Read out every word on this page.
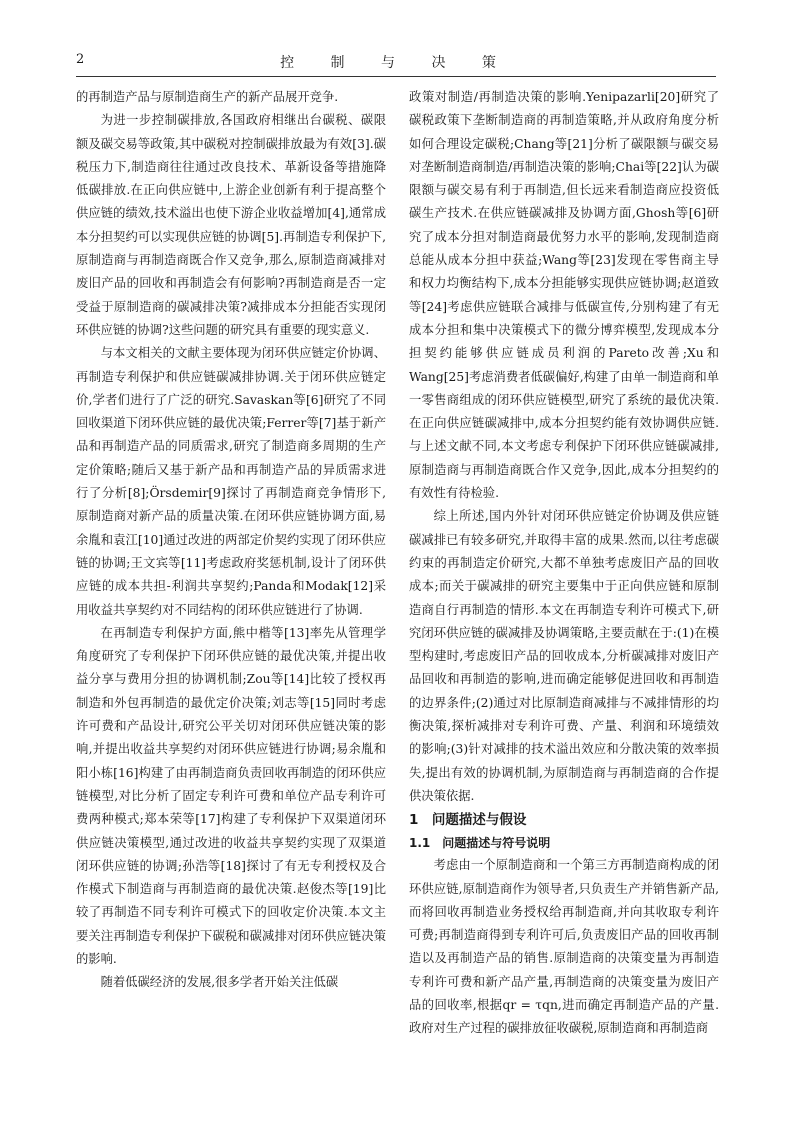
2	控 制 与 决 策

的再制造产品与原制造商生产的新产品展开竞争.

为进一步控制碳排放,各国政府相继出台碳税、碳限额及碳交易等政策,其中碳税对控制碳排放最为有效[3].碳税压力下,制造商往往通过改良技术、革新设备等措施降低碳排放.在正向供应链中,上游企业创新有利于提高整个供应链的绩效,技术溢出也使下游企业收益增加[4],通常成本分担契约可以实现供应链的协调[5].再制造专利保护下,原制造商与再制造商既合作又竞争,那么,原制造商减排对废旧产品的回收和再制造会有何影响?再制造商是否一定受益于原制造商的碳减排决策?减排成本分担能否实现闭环供应链的协调?这些问题的研究具有重要的现实意义.

与本文相关的文献主要体现为闭环供应链定价协调、再制造专利保护和供应链碳减排协调.关于闭环供应链定价,学者们进行了广泛的研究.Savaskan等[6]研究了不同回收渠道下闭环供应链的最优决策;Ferrer等[7]基于新产品和再制造产品的同质需求,研究了制造商多周期的生产定价策略;随后又基于新产品和再制造产品的异质需求进行了分析[8];Örsdemir[9]探讨了再制造商竞争情形下,原制造商对新产品的质量决策.在闭环供应链协调方面,易余胤和袁江[10]通过改进的两部定价契约实现了闭环供应链的协调;王文宾等[11]考虑政府奖惩机制,设计了闭环供应链的成本共担-利润共享契约;Panda和Modak[12]采用收益共享契约对不同结构的闭环供应链进行了协调.

在再制造专利保护方面,熊中楷等[13]率先从管理学角度研究了专利保护下闭环供应链的最优决策,并提出收益分享与费用分担的协调机制;Zou等[14]比较了授权再制造和外包再制造的最优定价决策;刘志等[15]同时考虑许可费和产品设计,研究公平关切对闭环供应链决策的影响,并提出收益共享契约对闭环供应链进行协调;易余胤和阳小栋[16]构建了由再制造商负责回收再制造的闭环供应链模型,对比分析了固定专利许可费和单位产品专利许可费两种模式;郑本荣等[17]构建了专利保护下双渠道闭环供应链决策模型,通过改进的收益共享契约实现了双渠道闭环供应链的协调;孙浩等[18]探讨了有无专利授权及合作模式下制造商与再制造商的最优决策.赵俊杰等[19]比较了再制造不同专利许可模式下的回收定价决策.本文主要关注再制造专利保护下碳税和碳减排对闭环供应链决策的影响.

随着低碳经济的发展,很多学者开始关注低碳

政策对制造/再制造决策的影响.Yenipazarli[20]研究了碳税政策下垄断制造商的再制造策略,并从政府角度分析如何合理设定碳税;Chang等[21]分析了碳限额与碳交易对垄断制造商制造/再制造决策的影响;Chai等[22]认为碳限额与碳交易有利于再制造,但长远来看制造商应投资低碳生产技术.在供应链碳减排及协调方面,Ghosh等[6]研究了成本分担对制造商最优努力水平的影响,发现制造商总能从成本分担中获益;Wang等[23]发现在零售商主导和权力均衡结构下,成本分担能够实现供应链协调;赵道致等[24]考虑供应链联合减排与低碳宣传,分别构建了有无成本分担和集中决策模式下的微分博弈模型,发现成本分担契约能够供应链成员利润的Pareto改善;Xu和Wang[25]考虑消费者低碳偏好,构建了由单一制造商和单一零售商组成的闭环供应链模型,研究了系统的最优决策.在正向供应链碳减排中,成本分担契约能有效协调供应链.与上述文献不同,本文考虑专利保护下闭环供应链碳减排,原制造商与再制造商既合作又竞争,因此,成本分担契约的有效性有待检验.

综上所述,国内外针对闭环供应链定价协调及供应链碳减排已有较多研究,并取得丰富的成果.然而,以往考虑碳约束的再制造定价研究,大都不单独考虑废旧产品的回收成本;而关于碳减排的研究主要集中于正向供应链和原制造商自行再制造的情形.本文在再制造专利许可模式下,研究闭环供应链的碳减排及协调策略,主要贡献在于:(1)在模型构建时,考虑废旧产品的回收成本,分析碳减排对废旧产品回收和再制造的影响,进而确定能够促进回收和再制造的边界条件;(2)通过对比原制造商减排与不减排情形的均衡决策,探析减排对专利许可费、产量、利润和环境绩效的影响;(3)针对减排的技术溢出效应和分散决策的效率损失,提出有效的协调机制,为原制造商与再制造商的合作提供决策依据.

1　问题描述与假设

1.1　问题描述与符号说明

考虑由一个原制造商和一个第三方再制造商构成的闭环供应链,原制造商作为领导者,只负责生产并销售新产品,而将回收再制造业务授权给再制造商,并向其收取专利许可费;再制造商得到专利许可后,负责废旧产品的回收再制造以及再制造产品的销售.原制造商的决策变量为再制造专利许可费和新产品产量,再制造商的决策变量为废旧产品的回收率,根据qr = τqn,进而确定再制造产品的产量.政府对生产过程的碳排放征收碳税,原制造商和再制造商
